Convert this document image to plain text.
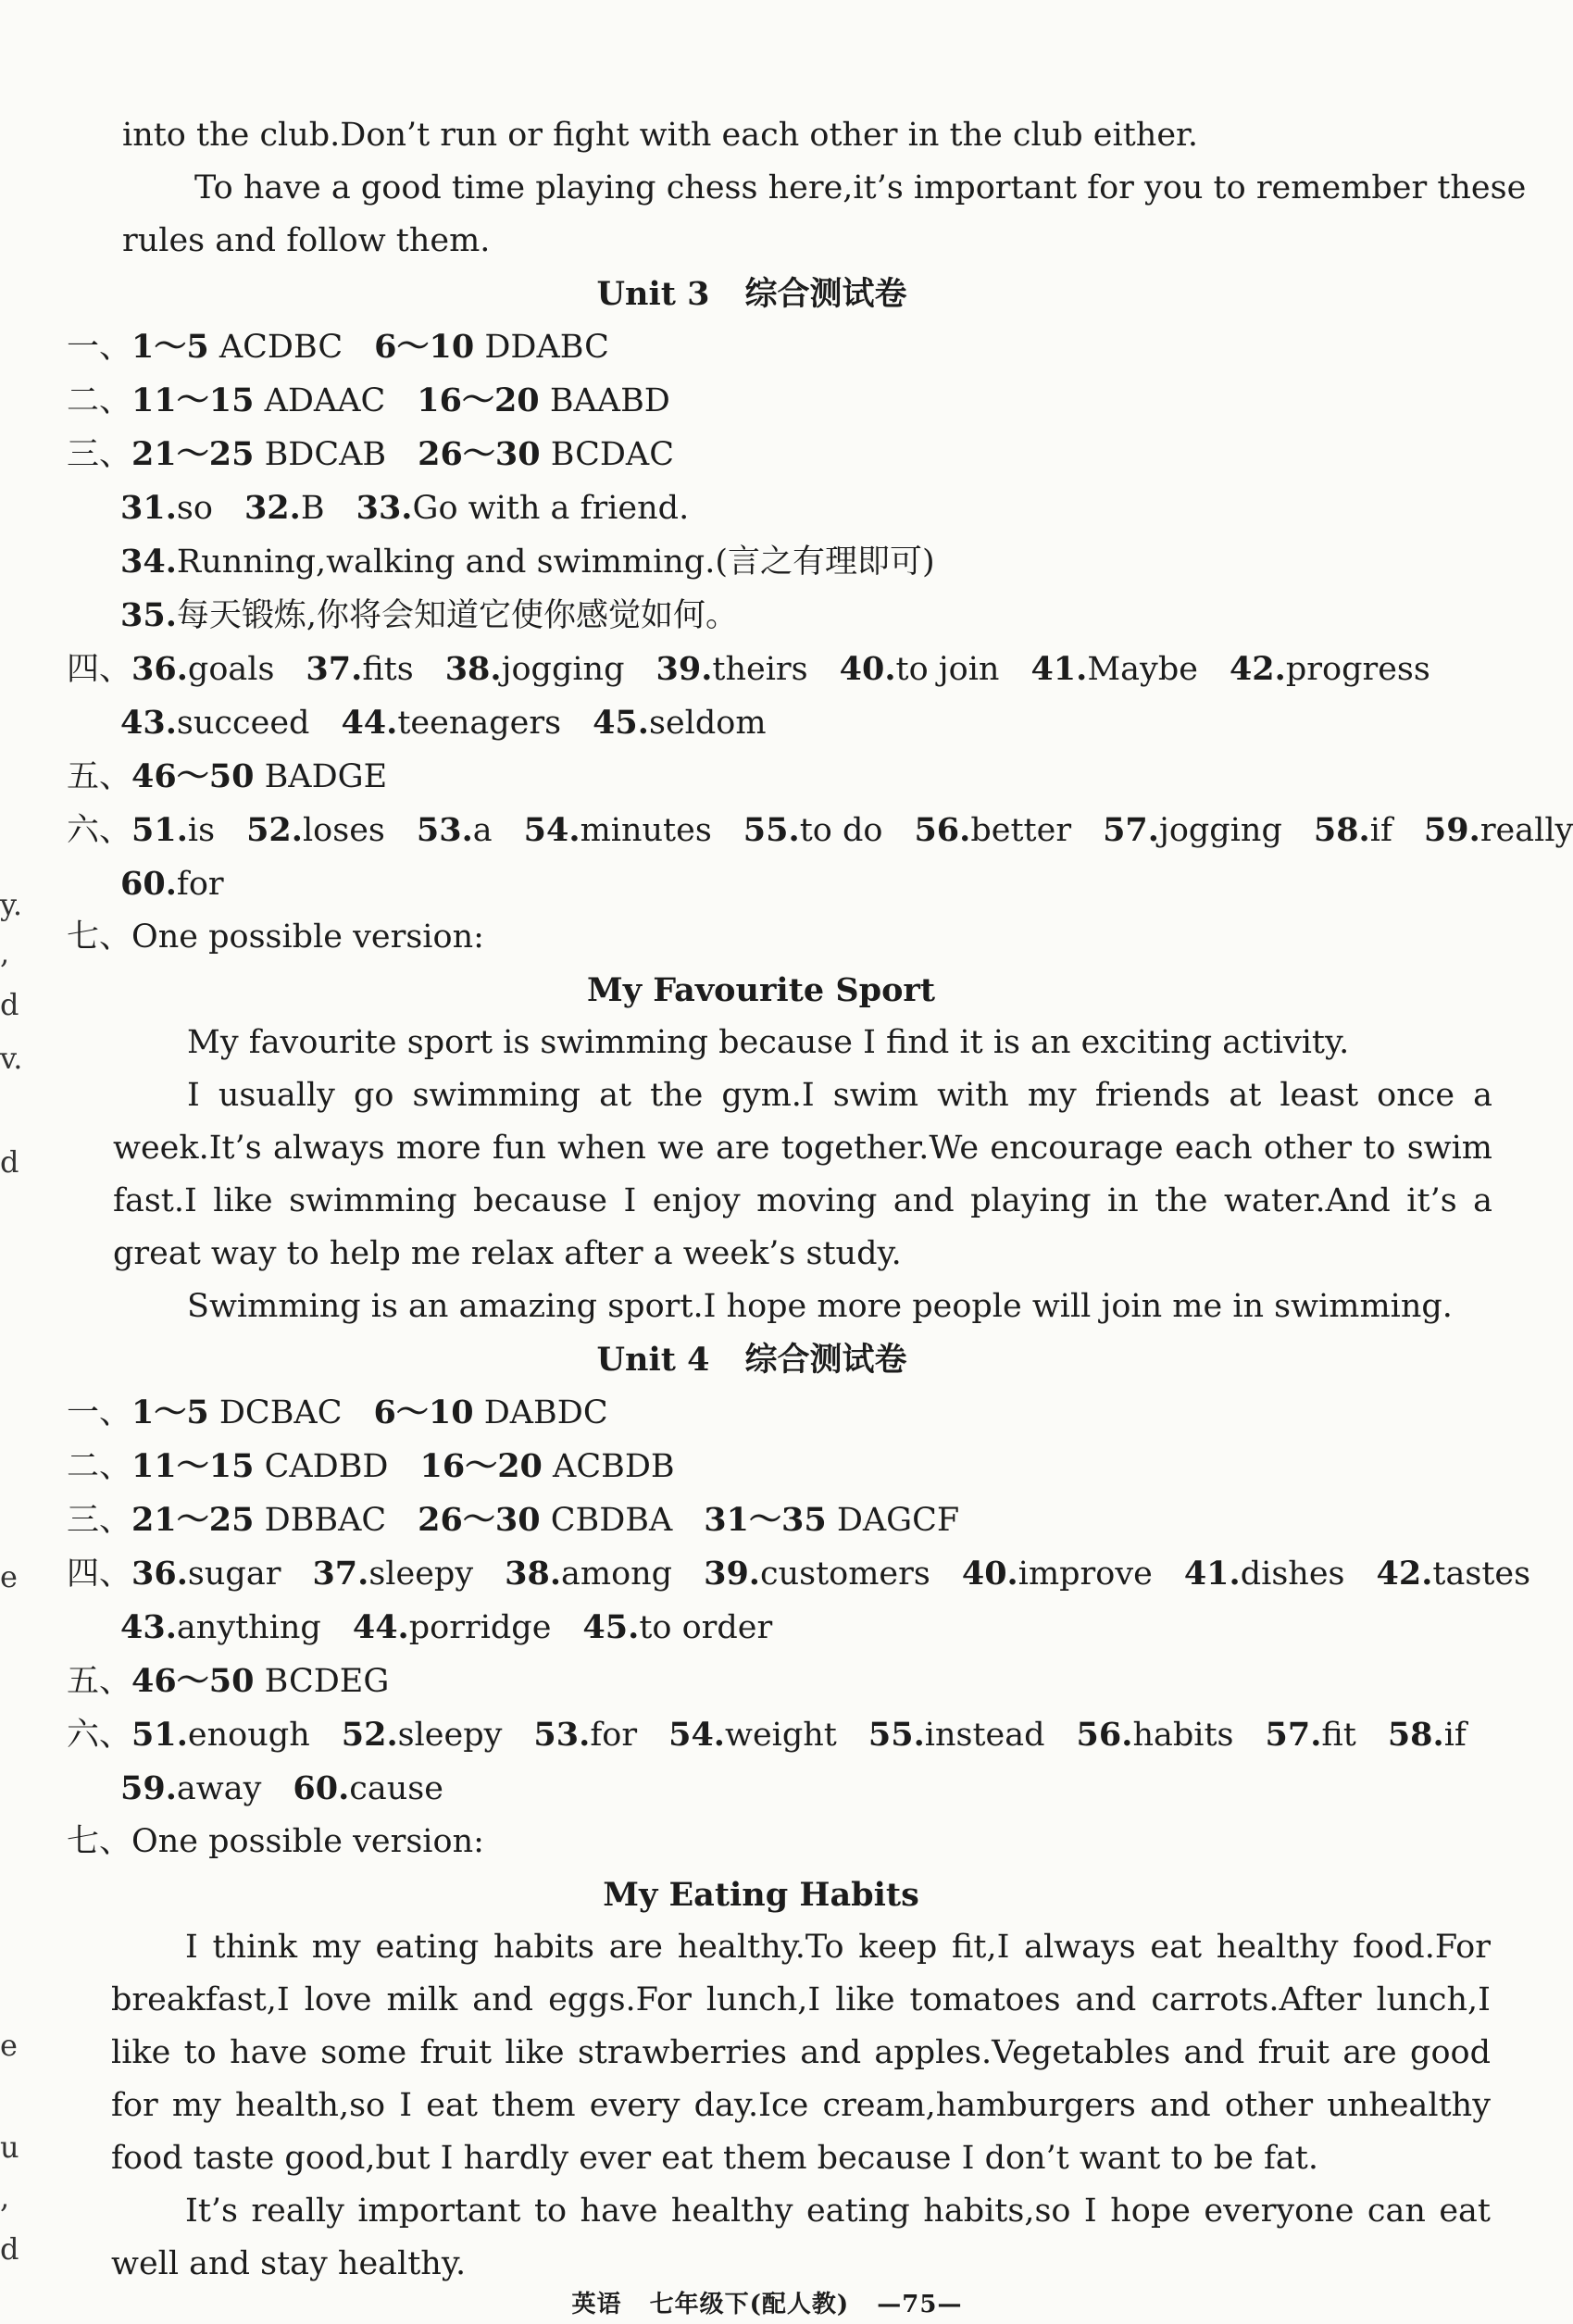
y.
,
d
v.
d
e
e
u
,
d
into the club.Don’t run or fight with each other in the club either.
To have a good time playing chess here,it’s important for you to remember these
rules and follow them.
Unit 3 综合测试卷
一、1～5 ACDBC 6～10 DDABC
二、11～15 ADAAC 16～20 BAABD
三、21～25 BDCAB 26～30 BCDAC
31.so 32.B 33.Go with a friend.
34.Running,walking and swimming.(言之有理即可)
35.每天锻炼,你将会知道它使你感觉如何。
四、36.goals 37.fits 38.jogging 39.theirs 40.to join 41.Maybe 42.progress
43.succeed 44.teenagers 45.seldom
五、46～50 BADGE
六、51.is 52.loses 53.a 54.minutes 55.to do 56.better 57.jogging 58.if 59.really
60.for
七、One possible version:
My Favourite Sport
My favourite sport is swimming because I find it is an exciting activity.
I usually go swimming at the gym.I swim with my friends at least once a week.It’s always more fun when we are together.We encourage each other to swim fast.I like swimming because I enjoy moving and playing in the water.And it’s a great way to help me relax after a week’s study.
Swimming is an amazing sport.I hope more people will join me in swimming.
Unit 4 综合测试卷
一、1～5 DCBAC 6～10 DABDC
二、11～15 CADBD 16～20 ACBDB
三、21～25 DBBAC 26～30 CBDBA 31～35 DAGCF
四、36.sugar 37.sleepy 38.among 39.customers 40.improve 41.dishes 42.tastes
43.anything 44.porridge 45.to order
五、46～50 BCDEG
六、51.enough 52.sleepy 53.for 54.weight 55.instead 56.habits 57.fit 58.if
59.away 60.cause
七、One possible version:
My Eating Habits
I think my eating habits are healthy.To keep fit,I always eat healthy food.For breakfast,I love milk and eggs.For lunch,I like tomatoes and carrots.After lunch,I like to have some fruit like strawberries and apples.Vegetables and fruit are good for my health,so I eat them every day.Ice cream,hamburgers and other unhealthy food taste good,but I hardly ever eat them because I don’t want to be fat.
It’s really important to have healthy eating habits,so I hope everyone can eat well and stay healthy.
英语 七年级下(配人教) —75—
